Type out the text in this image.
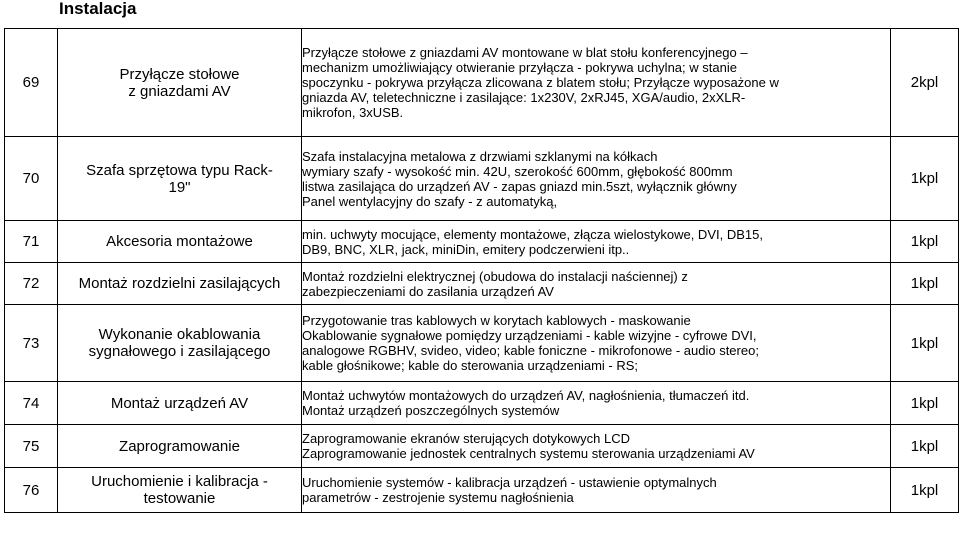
Instalacja
69	Przyłącze stołowe
z gniazdami AV	Przyłącze stołowe z gniazdami AV montowane w blat stołu konferencyjnego –
mechanizm umożliwiający otwieranie przyłącza - pokrywa uchylna; w stanie
spoczynku - pokrywa przyłącza zlicowana z blatem stołu; Przyłącze wyposażone w
gniazda AV, teletechniczne i zasilające: 1x230V, 2xRJ45, XGA/audio, 2xXLR-
mikrofon, 3xUSB.	2kpl
70	Szafa sprzętowa typu Rack-
19"	Szafa instalacyjna metalowa z drzwiami szklanymi na kółkach
wymiary szafy - wysokość min. 42U, szerokość 600mm, głębokość 800mm
listwa zasilająca do urządzeń AV - zapas gniazd min.5szt, wyłącznik główny
Panel wentylacyjny do szafy - z automatyką,	1kpl
71	Akcesoria montażowe	min. uchwyty mocujące, elementy montażowe, złącza wielostykowe, DVI, DB15,
DB9, BNC, XLR, jack, miniDin, emitery podczerwieni itp..	1kpl
72	Montaż rozdzielni zasilających	Montaż rozdzielni elektrycznej (obudowa do instalacji naściennej) z
zabezpieczeniami do zasilania urządzeń AV	1kpl
73	Wykonanie okablowania
sygnałowego i zasilającego	Przygotowanie tras kablowych w korytach kablowych - maskowanie
Okablowanie sygnałowe pomiędzy urządzeniami - kable wizyjne - cyfrowe DVI,
analogowe RGBHV, svideo, video; kable foniczne - mikrofonowe - audio stereo;
kable głośnikowe; kable do sterowania urządzeniami - RS;	1kpl
74	Montaż urządzeń AV	Montaż uchwytów montażowych do urządzeń AV, nagłośnienia, tłumaczeń itd.
Montaż urządzeń poszczególnych systemów	1kpl
75	Zaprogramowanie	Zaprogramowanie ekranów sterujących dotykowych LCD
Zaprogramowanie jednostek centralnych systemu sterowania urządzeniami AV	1kpl
76	Uruchomienie i kalibracja -
testowanie	Uruchomienie systemów - kalibracja urządzeń - ustawienie optymalnych
parametrów - zestrojenie systemu nagłośnienia	1kpl
